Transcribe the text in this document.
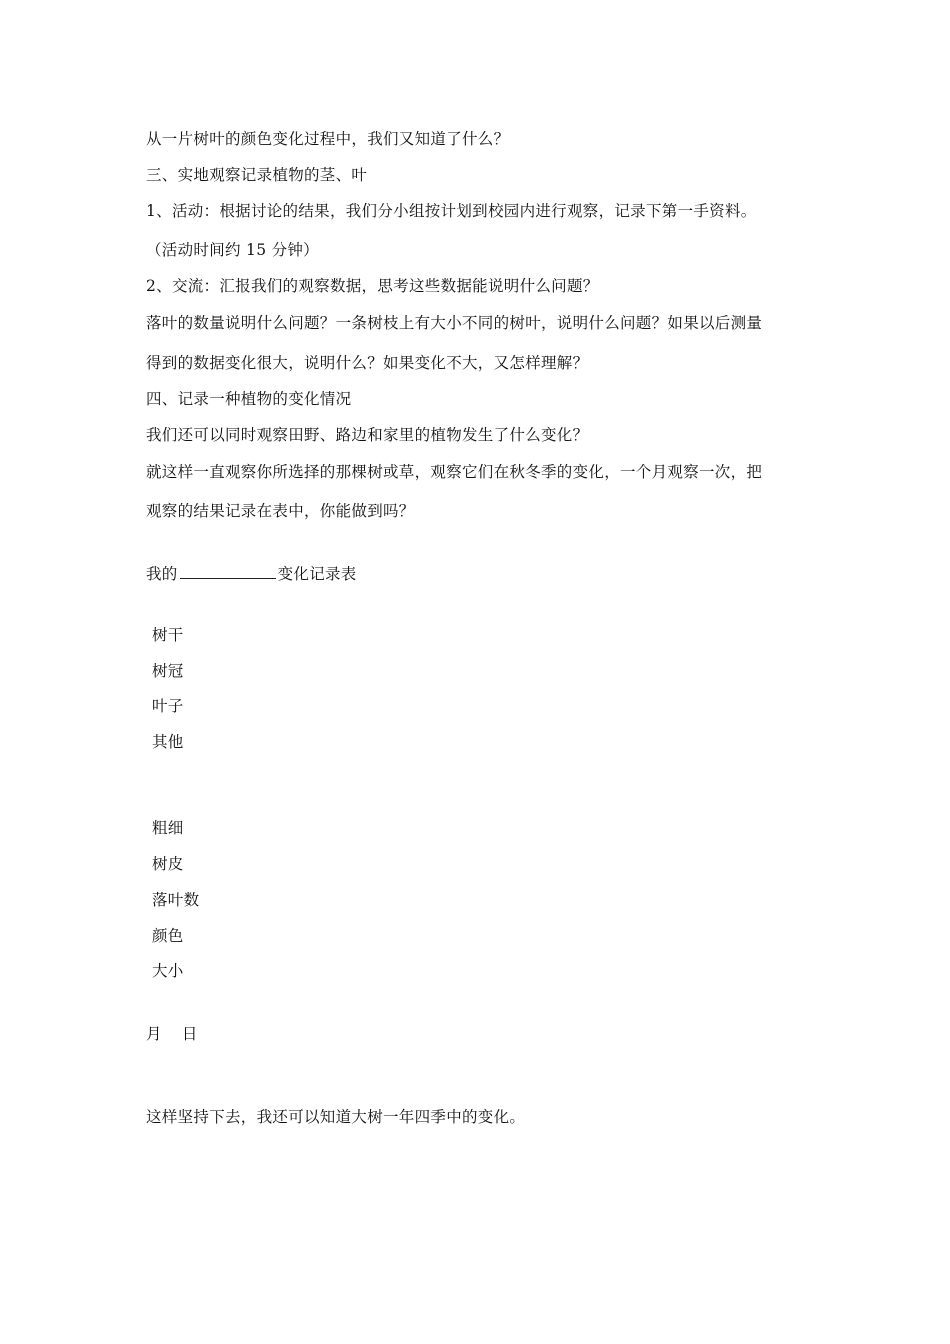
从一片树叶的颜色变化过程中，我们又知道了什么？
三、实地观察记录植物的茎、叶
1、活动：根据讨论的结果，我们分小组按计划到校园内进行观察，记录下第一手资料。
（活动时间约 15 分钟）
2、交流：汇报我们的观察数据，思考这些数据能说明什么问题？
落叶的数量说明什么问题？一条树枝上有大小不同的树叶，说明什么问题？如果以后测量
得到的数据变化很大，说明什么？如果变化不大，又怎样理解？
四、记录一种植物的变化情况
我们还可以同时观察田野、路边和家里的植物发生了什么变化？
就这样一直观察你所选择的那棵树或草，观察它们在秋冬季的变化，一个月观察一次，把
观察的结果记录在表中，你能做到吗？
我的	变化记录表
树干
树冠
叶子
其他
粗细
树皮
落叶数
颜色
大小
月 日
这样坚持下去，我还可以知道大树一年四季中的变化。
